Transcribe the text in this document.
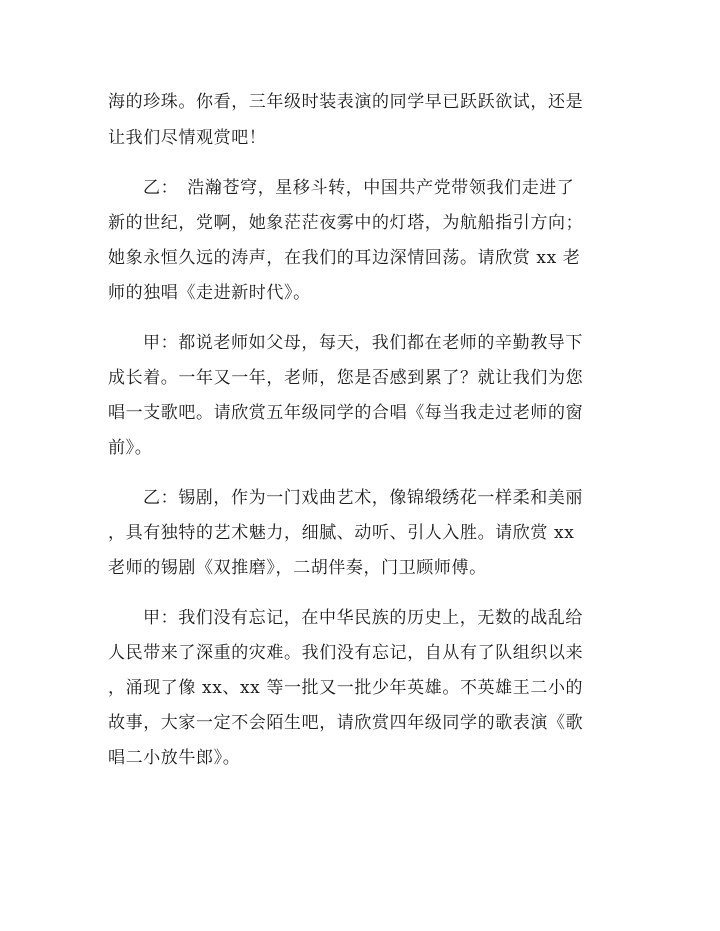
海的珍珠。你看，三年级时装表演的同学早已跃跃欲试，还是
让我们尽情观赏吧！
乙：　浩瀚苍穹，星移斗转，中国共产党带领我们走进了
新的世纪，党啊，她象茫茫夜雾中的灯塔，为航船指引方向；
她象永恒久远的涛声，在我们的耳边深情回荡。请欣赏 xx 老
师的独唱《走进新时代》。
甲：都说老师如父母，每天，我们都在老师的辛勤教导下
成长着。一年又一年，老师，您是否感到累了？就让我们为您
唱一支歌吧。请欣赏五年级同学的合唱《每当我走过老师的窗
前》。
乙：锡剧，作为一门戏曲艺术，像锦缎绣花一样柔和美丽
，具有独特的艺术魅力，细腻、动听、引人入胜。请欣赏 xx
老师的锡剧《双推磨》，二胡伴奏，门卫顾师傅。
甲：我们没有忘记，在中华民族的历史上，无数的战乱给
人民带来了深重的灾难。我们没有忘记，自从有了队组织以来
，涌现了像 xx、xx 等一批又一批少年英雄。不英雄王二小的
故事，大家一定不会陌生吧，请欣赏四年级同学的歌表演《歌
唱二小放牛郎》。
